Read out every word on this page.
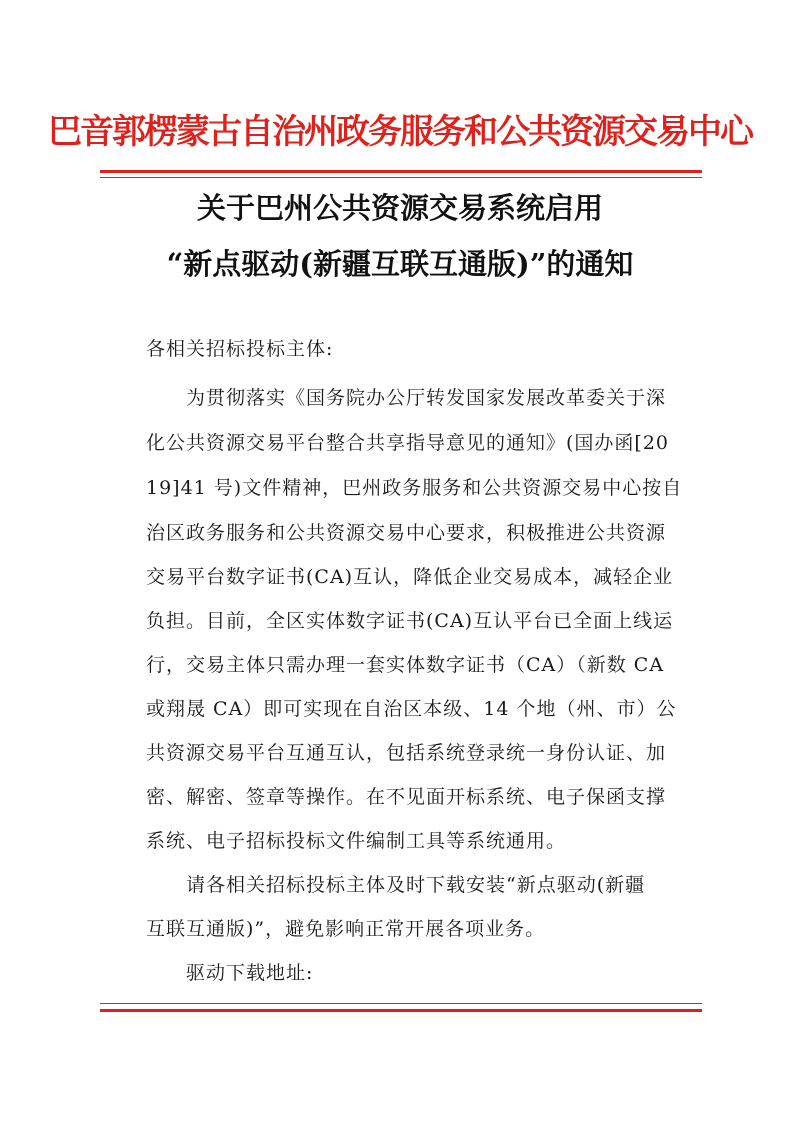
巴音郭楞蒙古自治州政务服务和公共资源交易中心
关于巴州公共资源交易系统启用
“新点驱动(新疆互联互通版)”的通知
各相关招标投标主体:
为贯彻落实《国务院办公厅转发国家发展改革委关于深
化公共资源交易平台整合共享指导意见的通知》(国办函[20
19]41 号)文件精神，巴州政务服务和公共资源交易中心按自
治区政务服务和公共资源交易中心要求，积极推进公共资源
交易平台数字证书(CA)互认，降低企业交易成本，减轻企业
负担。目前，全区实体数字证书(CA)互认平台已全面上线运
行，交易主体只需办理一套实体数字证书（CA）（新数 CA
或翔晟 CA）即可实现在自治区本级、14 个地（州、市）公
共资源交易平台互通互认，包括系统登录统一身份认证、加
密、解密、签章等操作。在不见面开标系统、电子保函支撑
系统、电子招标投标文件编制工具等系统通用。
请各相关招标投标主体及时下载安装“新点驱动(新疆
互联互通版)”，避免影响正常开展各项业务。
驱动下载地址:
